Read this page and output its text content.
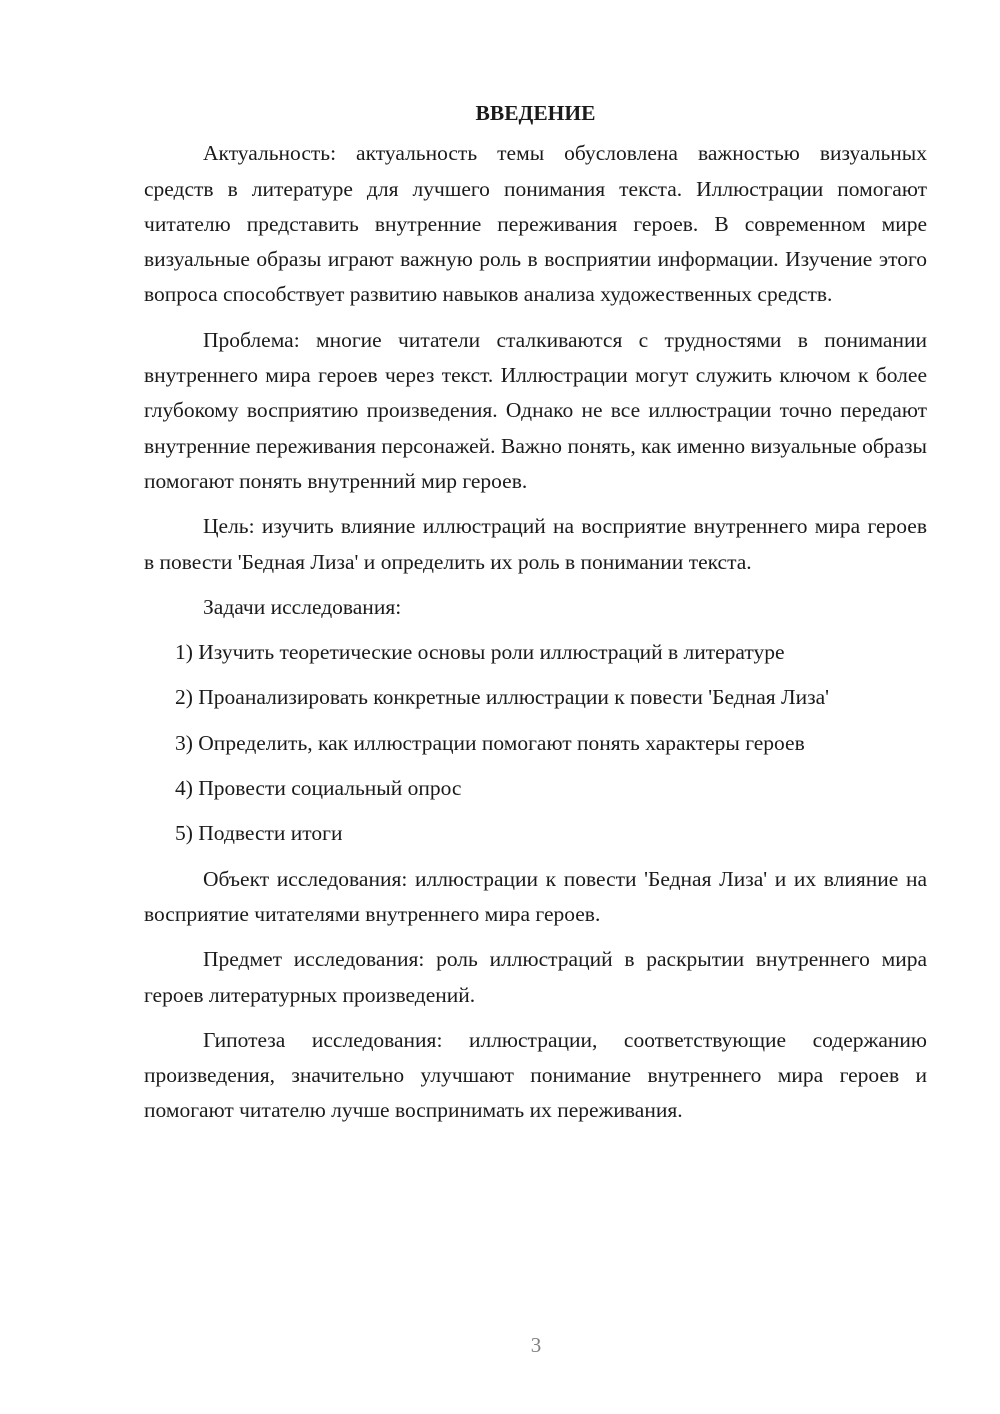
ВВЕДЕНИЕ

Актуальность: актуальность темы обусловлена важностью визуальных средств в литературе для лучшего понимания текста. Иллюстрации помогают читателю представить внутренние переживания героев. В современном мире визуальные образы играют важную роль в восприятии информации. Изучение этого вопроса способствует развитию навыков анализа художественных средств.

Проблема: многие читатели сталкиваются с трудностями в понимании внутреннего мира героев через текст. Иллюстрации могут служить ключом к более глубокому восприятию произведения. Однако не все иллюстрации точно передают внутренние переживания персонажей. Важно понять, как именно визуальные образы помогают понять внутренний мир героев.

Цель: изучить влияние иллюстраций на восприятие внутреннего мира героев в повести 'Бедная Лиза' и определить их роль в понимании текста.

Задачи исследования:

1) Изучить теоретические основы роли иллюстраций в литературе

2) Проанализировать конкретные иллюстрации к повести 'Бедная Лиза'

3) Определить, как иллюстрации помогают понять характеры героев

4) Провести социальный опрос

5) Подвести итоги

Объект исследования: иллюстрации к повести 'Бедная Лиза' и их влияние на восприятие читателями внутреннего мира героев.

Предмет исследования: роль иллюстраций в раскрытии внутреннего мира героев литературных произведений.

Гипотеза исследования: иллюстрации, соответствующие содержанию произведения, значительно улучшают понимание внутреннего мира героев и помогают читателю лучше воспринимать их переживания.

3
